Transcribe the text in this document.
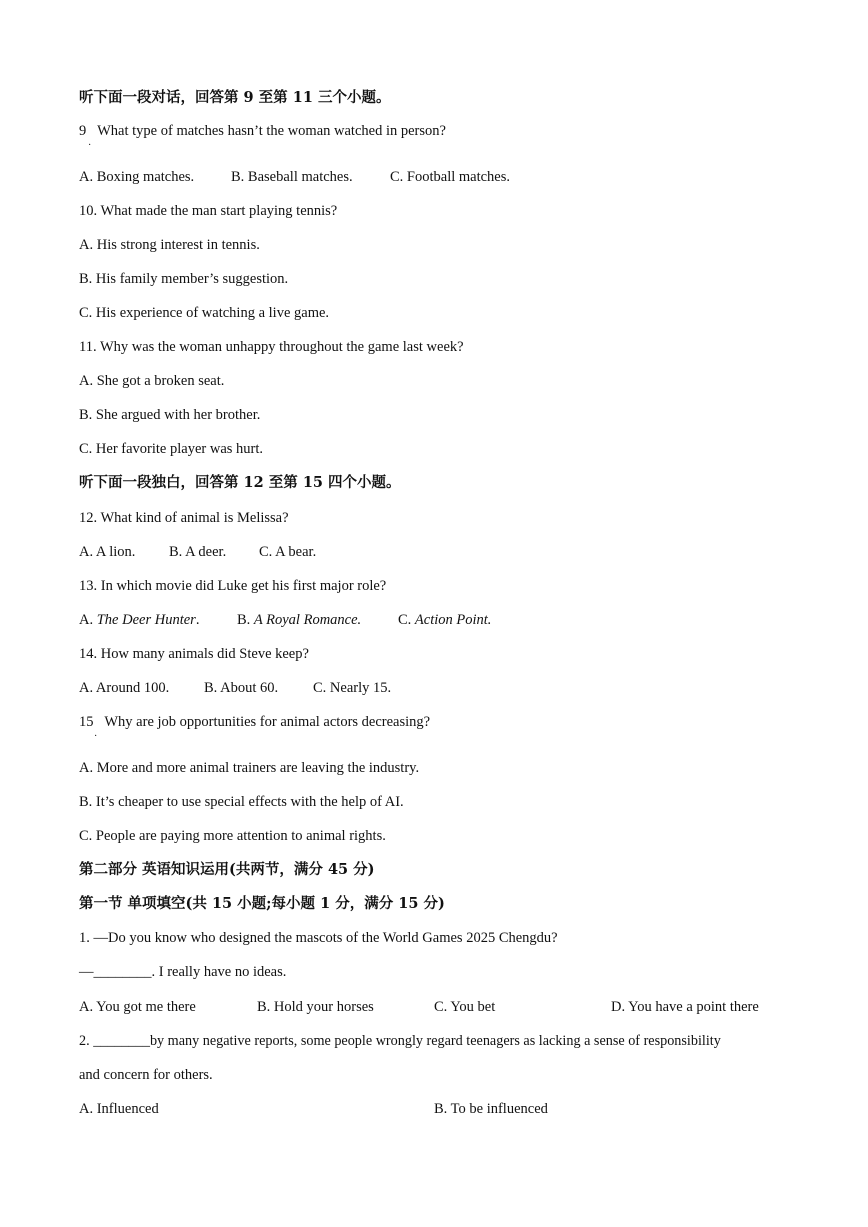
听下面一段对话，回答第 9 至第 11 三个小题。
9 What type of matches hasn’t the woman watched in person?
·
A. Boxing matches.	B. Baseball matches.	C. Football matches.
10. What made the man start playing tennis?
A. His strong interest in tennis.
B. His family member’s suggestion.
C. His experience of watching a live game.
11. Why was the woman unhappy throughout the game last week?
A. She got a broken seat.
B. She argued with her brother.
C. Her favorite player was hurt.
听下面一段独白，回答第 12 至第 15 四个小题。
12. What kind of animal is Melissa?
A. A lion. B. A deer. C. A bear.
13. In which movie did Luke get his first major role?
A. The Deer Hunter.	B. A Royal Romance.	C. Action Point.
14. How many animals did Steve keep?
A. Around 100. B. About 60. C. Nearly 15.
15 Why are job opportunities for animal actors decreasing?
·
A. More and more animal trainers are leaving the industry.
B. It’s cheaper to use special effects with the help of AI.
C. People are paying more attention to animal rights.
第二部分 英语知识运用(共两节，满分 45 分)
第一节 单项填空(共 15 小题;每小题 1 分，满分 15 分)
1. —Do you know who designed the mascots of the World Games 2025 Chengdu?
—________. I really have no ideas.
A. You got me there	B. Hold your horses	C. You bet	D. You have a point there
2. ________by many negative reports, some people wrongly regard teenagers as lacking a sense of responsibility
and concern for others.
A. Influenced	B. To be influenced
